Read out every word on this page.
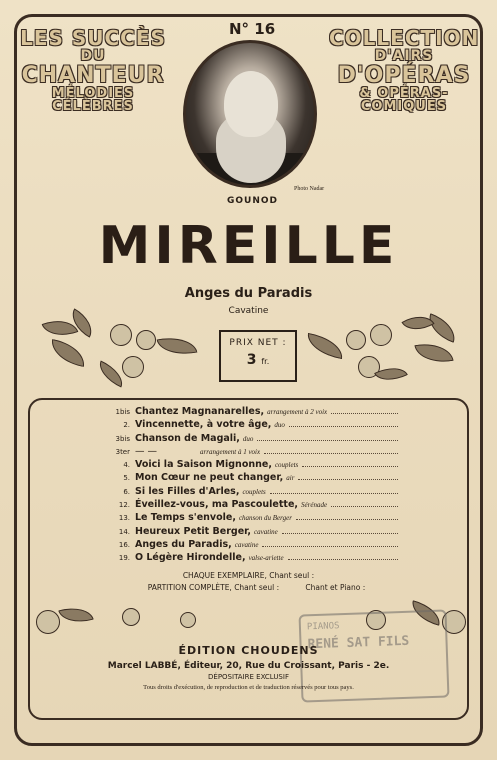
LES SUCCÈS
DU
CHANTEUR
MÉLODIES CÉLÈBRES
COLLECTION
D'AIRS
D'OPÉRAS
& OPÉRAS-COMIQUES
N° 16
Photo Nadar
GOUNOD
MIREILLE
Anges du Paradis
Cavatine
PRIX NET :
3 fr.
1bis Chantez Magnanarelles, arrangement à 2 voix
2. Vincennette, à votre âge, duo
3bis Chanson de Magali, duo
3ter — —	arrangement à 1 voix
4. Voici la Saison Mignonne, couplets
5. Mon Cœur ne peut changer, air
6. Si les Filles d'Arles, couplets
12. Éveillez-vous, ma Pascoulette, Sérénade
13. Le Temps s'envole, chanson du Berger
14. Heureux Petit Berger, cavatine
16. Anges du Paradis, cavatine
19. O Légère Hirondelle, valse-ariette
CHAQUE EXEMPLAIRE, Chant seul :
PARTITION COMPLÈTE, Chant seul :           Chant et Piano :
PIANOS
RENÉ SAT FILS
ÉDITION CHOUDENS
Marcel LABBÉ, Éditeur, 20, Rue du Croissant, Paris - 2e.
DÉPOSITAIRE EXCLUSIF
Tous droits d'exécution, de reproduction et de traduction réservés pour tous pays.
